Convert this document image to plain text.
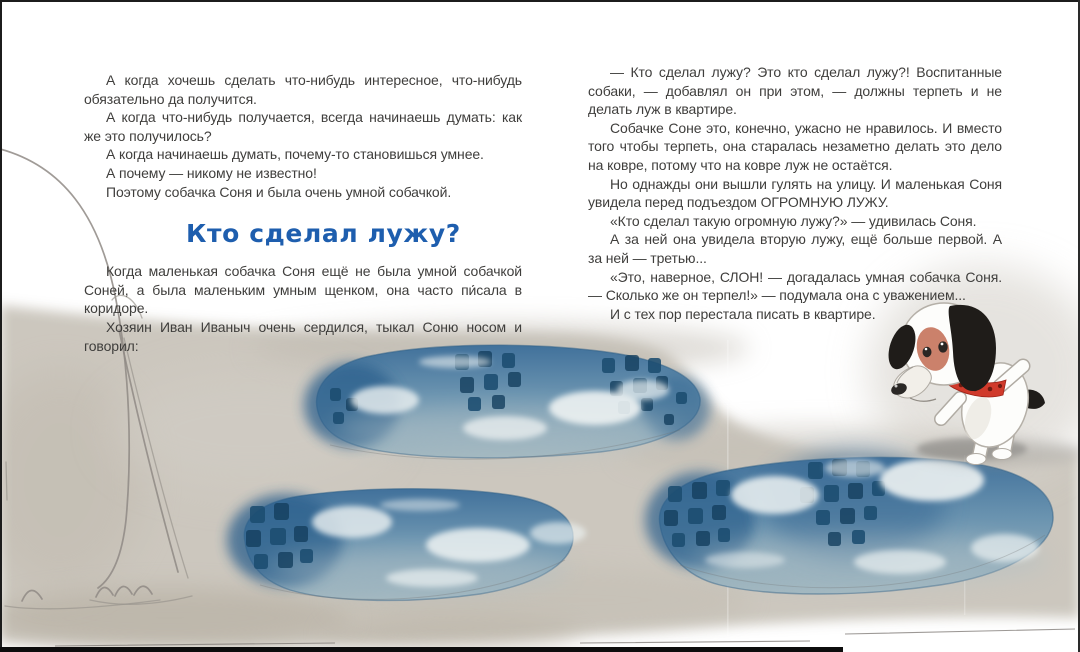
А когда хочешь сделать что-нибудь интересное, что-нибудь обязательно да получится.

А когда что-нибудь получается, всегда начинаешь думать: как же это получилось?

А когда начинаешь думать, почему-то становишься умнее.

А почему — никому не известно!

Поэтому собачка Соня и была очень умной собачкой.

Кто сделал лужу?

Когда маленькая собачка Соня ещё не была умной собачкой Соней, а была маленьким умным щенком, она часто пи́сала в коридоре.

Хозяин Иван Иваныч очень сердился, тыкал Соню носом и говорил:

— Кто сделал лужу? Это кто сделал лужу?! Воспитанные собаки, — добавлял он при этом, — должны терпеть и не делать луж в квартире.

Собачке Соне это, конечно, ужасно не нравилось. И вместо того чтобы терпеть, она старалась незаметно делать это дело на ковре, потому что на ковре луж не остаётся.

Но однажды они вышли гулять на улицу. И маленькая Соня увидела перед подъездом ОГРОМНУЮ ЛУЖУ.

«Кто сделал такую огромную лужу?» — удивилась Соня.

А за ней она увидела вторую лужу, ещё больше первой. А за ней — третью...

«Это, наверное, СЛОН! — догадалась умная собачка Соня. — Сколько же он терпел!» — подумала она с уважением...

И с тех пор перестала писать в квартире.
